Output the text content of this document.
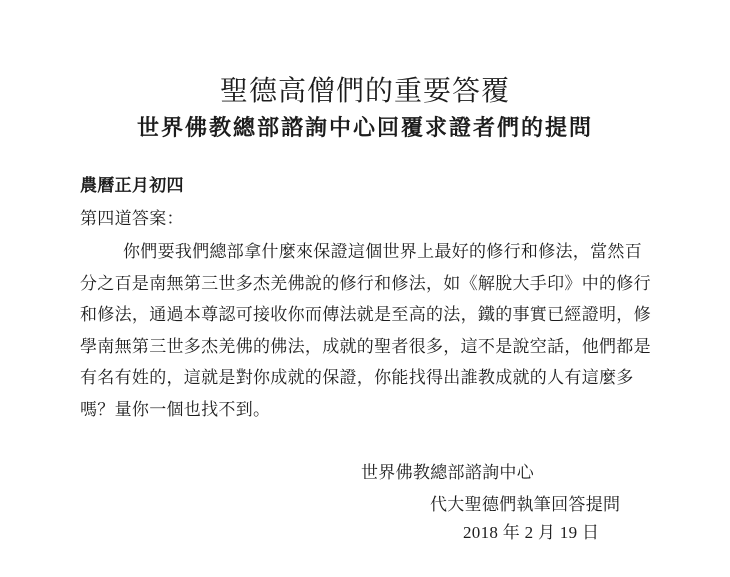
聖德高僧們的重要答覆
世界佛教總部諮詢中心回覆求證者們的提問
農曆正月初四
第四道答案：
你們要我們總部拿什麼來保證這個世界上最好的修行和修法，當然百
分之百是南無第三世多杰羌佛說的修行和修法，如《解脫大手印》中的修行
和修法，通過本尊認可接收你而傳法就是至高的法，鐵的事實已經證明，修
學南無第三世多杰羌佛的佛法，成就的聖者很多，這不是說空話，他們都是
有名有姓的，這就是對你成就的保證，你能找得出誰教成就的人有這麼多
嗎？量你一個也找不到。
世界佛教總部諮詢中心
代大聖德們執筆回答提問
2018 年 2 月 19 日
